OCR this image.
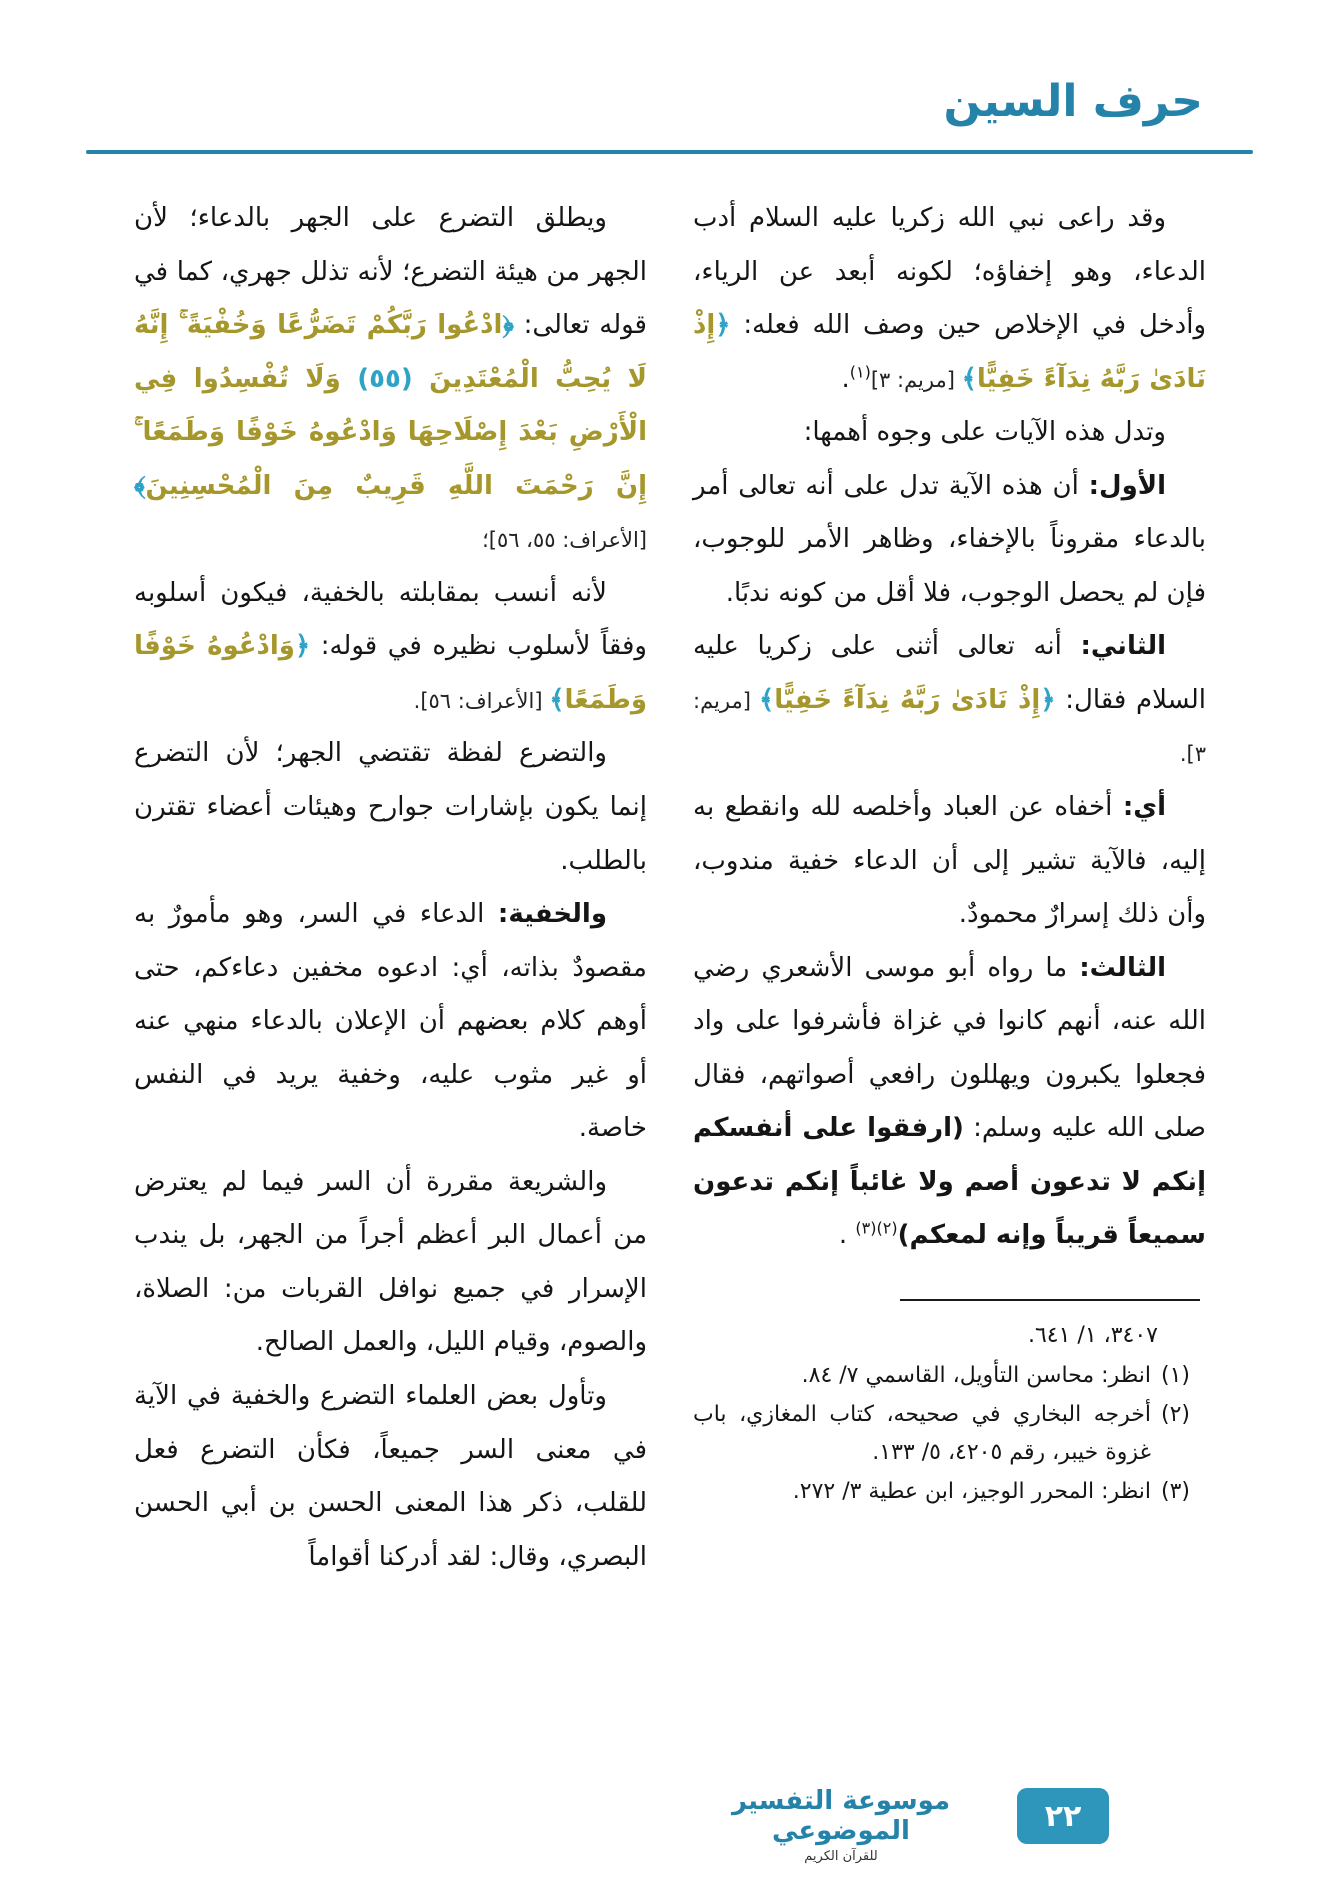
حرف السين

وقد راعى نبي الله زكريا عليه السلام أدب الدعاء، وهو إخفاؤه؛ لكونه أبعد عن الرياء، وأدخل في الإخلاص حين وصف الله فعله: ﴿إِذْ نَادَىٰ رَبَّهُ نِدَآءً خَفِيًّا﴾ [مريم: ٣]$^{(١)}$.

وتدل هذه الآيات على وجوه أهمها:

الأول: أن هذه الآية تدل على أنه تعالى أمر بالدعاء مقروناً بالإخفاء، وظاهر الأمر للوجوب، فإن لم يحصل الوجوب، فلا أقل من كونه ندبًا.

الثاني: أنه تعالى أثنى على زكريا عليه السلام فقال: ﴿إِذْ نَادَىٰ رَبَّهُ نِدَآءً خَفِيًّا﴾ [مريم: ٣].

أي: أخفاه عن العباد وأخلصه لله وانقطع به إليه، فالآية تشير إلى أن الدعاء خفية مندوب، وأن ذلك إسرارٌ محمودٌ.

الثالث: ما رواه أبو موسى الأشعري رضي الله عنه، أنهم كانوا في غزاة فأشرفوا على واد فجعلوا يكبرون ويهللون رافعي أصواتهم، فقال صلى الله عليه وسلم: (ارفقوا على أنفسكم إنكم لا تدعون أصم ولا غائباً إنكم تدعون سميعاً قريباً وإنه لمعكم)$^{(٢)(٣)}$ .

٣٤٠٧، ١/ ٦٤١.
(١)
انظر: محاسن التأويل، القاسمي ٧/ ٨٤.
(٢)
أخرجه البخاري في صحيحه، كتاب المغازي، باب غزوة خيبر، رقم ٤٢٠٥، ٥/ ١٣٣.
(٣)
انظر: المحرر الوجيز، ابن عطية ٣/ ٢٧٢.

ويطلق التضرع على الجهر بالدعاء؛ لأن الجهر من هيئة التضرع؛ لأنه تذلل جهري، كما في قوله تعالى: ﴿ادْعُوا رَبَّكُمْ تَضَرُّعًا وَخُفْيَةً ۚ إِنَّهُ لَا يُحِبُّ الْمُعْتَدِينَ (٥٥) وَلَا تُفْسِدُوا فِي الْأَرْضِ بَعْدَ إِصْلَاحِهَا وَادْعُوهُ خَوْفًا وَطَمَعًا ۚ إِنَّ رَحْمَتَ اللَّهِ قَرِيبٌ مِنَ الْمُحْسِنِينَ﴾ [الأعراف: ٥٥، ٥٦]؛

لأنه أنسب بمقابلته بالخفية، فيكون أسلوبه وفقاً لأسلوب نظيره في قوله: ﴿وَادْعُوهُ خَوْفًا وَطَمَعًا﴾ [الأعراف: ٥٦].

والتضرع لفظة تقتضي الجهر؛ لأن التضرع إنما يكون بإشارات جوارح وهيئات أعضاء تقترن بالطلب.

والخفية: الدعاء في السر، وهو مأمورٌ به مقصودٌ بذاته، أي: ادعوه مخفين دعاءكم، حتى أوهم كلام بعضهم أن الإعلان بالدعاء منهي عنه أو غير مثوب عليه، وخفية يريد في النفس خاصة.

والشريعة مقررة أن السر فيما لم يعترض من أعمال البر أعظم أجراً من الجهر، بل يندب الإسرار في جميع نوافل القربات من: الصلاة، والصوم، وقيام الليل، والعمل الصالح.

وتأول بعض العلماء التضرع والخفية في الآية في معنى السر جميعاً، فكأن التضرع فعل للقلب، ذكر هذا المعنى الحسن بن أبي الحسن البصري، وقال: لقد أدركنا أقواماً

موسوعة التفسير الموضوعي
للقرآن الكريم
٢٢
